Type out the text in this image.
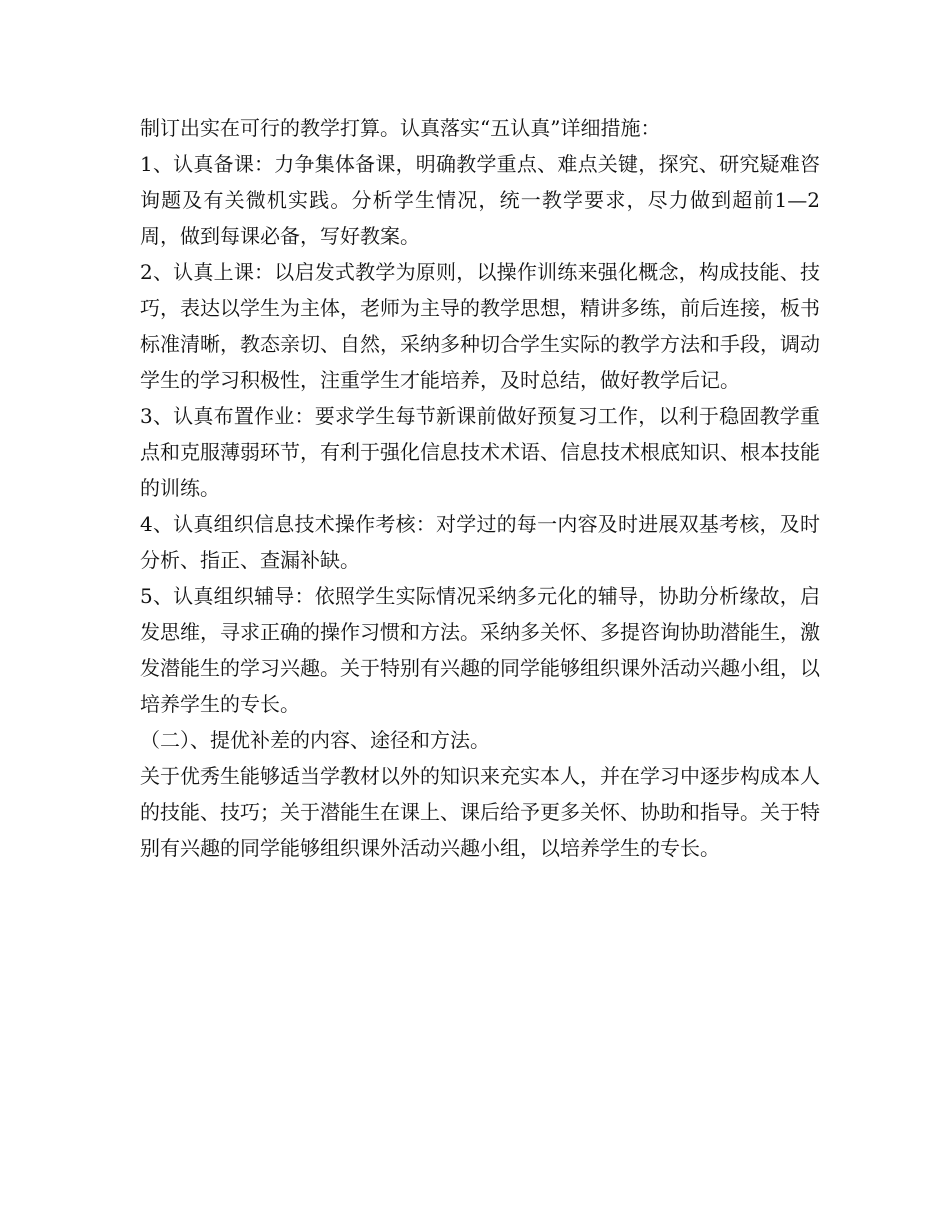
制订出实在可行的教学打算。认真落实“五认真”详细措施：

1、认真备课：力争集体备课，明确教学重点、难点关键，探究、研究疑难咨询题及有关微机实践。分析学生情况，统一教学要求，尽力做到超前1—2周，做到每课必备，写好教案。

2、认真上课：以启发式教学为原则，以操作训练来强化概念，构成技能、技巧，表达以学生为主体，老师为主导的教学思想，精讲多练，前后连接，板书标准清晰，教态亲切、自然，采纳多种切合学生实际的教学方法和手段，调动学生的学习积极性，注重学生才能培养，及时总结，做好教学后记。

3、认真布置作业：要求学生每节新课前做好预复习工作，以利于稳固教学重点和克服薄弱环节，有利于强化信息技术术语、信息技术根底知识、根本技能的训练。

4、认真组织信息技术操作考核：对学过的每一内容及时进展双基考核，及时分析、指正、查漏补缺。

5、认真组织辅导：依照学生实际情况采纳多元化的辅导，协助分析缘故，启发思维，寻求正确的操作习惯和方法。采纳多关怀、多提咨询协助潜能生，激发潜能生的学习兴趣。关于特别有兴趣的同学能够组织课外活动兴趣小组，以培养学生的专长。

（二）、提优补差的内容、途径和方法。

关于优秀生能够适当学教材以外的知识来充实本人，并在学习中逐步构成本人的技能、技巧；关于潜能生在课上、课后给予更多关怀、协助和指导。关于特别有兴趣的同学能够组织课外活动兴趣小组，以培养学生的专长。
